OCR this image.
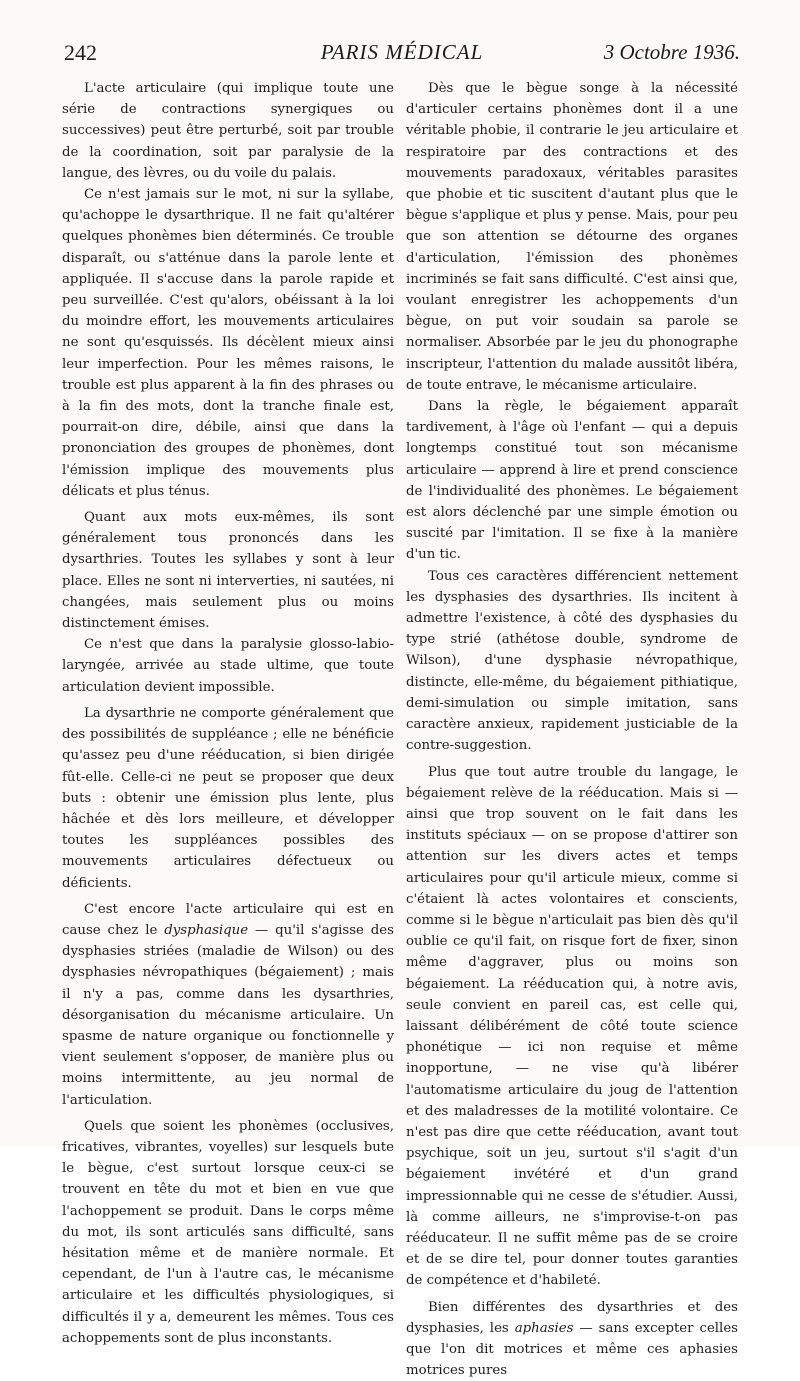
242	PARIS MÉDICAL	3 Octobre 1936.

L'acte articulaire (qui implique toute une série de contractions synergiques ou successives) peut être perturbé, soit par trouble de la coordination, soit par paralysie de la langue, des lèvres, ou du voile du palais.

Ce n'est jamais sur le mot, ni sur la syllabe, qu'achoppe le dysarthrique. Il ne fait qu'altérer quelques phonèmes bien déterminés. Ce trouble disparaît, ou s'atténue dans la parole lente et appliquée. Il s'accuse dans la parole rapide et peu surveillée. C'est qu'alors, obéissant à la loi du moindre effort, les mouvements articulaires ne sont qu'esquissés. Ils décèlent mieux ainsi leur imperfection. Pour les mêmes raisons, le trouble est plus apparent à la fin des phrases ou à la fin des mots, dont la tranche finale est, pourrait-on dire, débile, ainsi que dans la prononciation des groupes de phonèmes, dont l'émission implique des mouvements plus délicats et plus ténus.

Quant aux mots eux-mêmes, ils sont généralement tous prononcés dans les dysarthries. Toutes les syllabes y sont à leur place. Elles ne sont ni interverties, ni sautées, ni changées, mais seulement plus ou moins distinctement émises.

Ce n'est que dans la paralysie glosso-labio-laryngée, arrivée au stade ultime, que toute articulation devient impossible.

La dysarthrie ne comporte généralement que des possibilités de suppléance ; elle ne bénéficie qu'assez peu d'une rééducation, si bien dirigée fût-elle. Celle-ci ne peut se proposer que deux buts : obtenir une émission plus lente, plus hâchée et dès lors meilleure, et développer toutes les suppléances possibles des mouvements articulaires défectueux ou déficients.

C'est encore l'acte articulaire qui est en cause chez le dysphasique — qu'il s'agisse des dysphasies striées (maladie de Wilson) ou des dysphasies névropathiques (bégaiement) ; mais il n'y a pas, comme dans les dysarthries, désorganisation du mécanisme articulaire. Un spasme de nature organique ou fonctionnelle y vient seulement s'opposer, de manière plus ou moins intermittente, au jeu normal de l'articulation.

Quels que soient les phonèmes (occlusives, fricatives, vibrantes, voyelles) sur lesquels bute le bègue, c'est surtout lorsque ceux-ci se trouvent en tête du mot et bien en vue que l'achoppement se produit. Dans le corps même du mot, ils sont articulés sans difficulté, sans hésitation même et de manière normale. Et cependant, de l'un à l'autre cas, le mécanisme articulaire et les difficultés physiologiques, si difficultés il y a, demeurent les mêmes. Tous ces achoppements sont de plus inconstants.

Dès que le bègue songe à la nécessité d'articuler certains phonèmes dont il a une véritable phobie, il contrarie le jeu articulaire et respiratoire par des contractions et des mouvements paradoxaux, véritables parasites que phobie et tic suscitent d'autant plus que le bègue s'applique et plus y pense. Mais, pour peu que son attention se détourne des organes d'articulation, l'émission des phonèmes incriminés se fait sans difficulté. C'est ainsi que, voulant enregistrer les achoppements d'un bègue, on put voir soudain sa parole se normaliser. Absorbée par le jeu du phonographe inscripteur, l'attention du malade aussitôt libéra, de toute entrave, le mécanisme articulaire.

Dans la règle, le bégaiement apparaît tardivement, à l'âge où l'enfant — qui a depuis longtemps constitué tout son mécanisme articulaire — apprend à lire et prend conscience de l'individualité des phonèmes. Le bégaiement est alors déclenché par une simple émotion ou suscité par l'imitation. Il se fixe à la manière d'un tic.

Tous ces caractères différencient nettement les dysphasies des dysarthries. Ils incitent à admettre l'existence, à côté des dysphasies du type strié (athétose double, syndrome de Wilson), d'une dysphasie névropathique, distincte, elle-même, du bégaiement pithiatique, demi-simulation ou simple imitation, sans caractère anxieux, rapidement justiciable de la contre-suggestion.

Plus que tout autre trouble du langage, le bégaiement relève de la rééducation. Mais si — ainsi que trop souvent on le fait dans les instituts spéciaux — on se propose d'attirer son attention sur les divers actes et temps articulaires pour qu'il articule mieux, comme si c'étaient là actes volontaires et conscients, comme si le bègue n'articulait pas bien dès qu'il oublie ce qu'il fait, on risque fort de fixer, sinon même d'aggraver, plus ou moins son bégaiement. La rééducation qui, à notre avis, seule convient en pareil cas, est celle qui, laissant délibérément de côté toute science phonétique — ici non requise et même inopportune, — ne vise qu'à libérer l'automatisme articulaire du joug de l'attention et des maladresses de la motilité volontaire. Ce n'est pas dire que cette rééducation, avant tout psychique, soit un jeu, surtout s'il s'agit d'un bégaiement invétéré et d'un grand impressionnable qui ne cesse de s'étudier. Aussi, là comme ailleurs, ne s'improvise-t-on pas rééducateur. Il ne suffit même pas de se croire et de se dire tel, pour donner toutes garanties de compétence et d'habileté.

Bien différentes des dysarthries et des dysphasies, les aphasies — sans excepter celles que l'on dit motrices et même ces aphasies motrices pures
